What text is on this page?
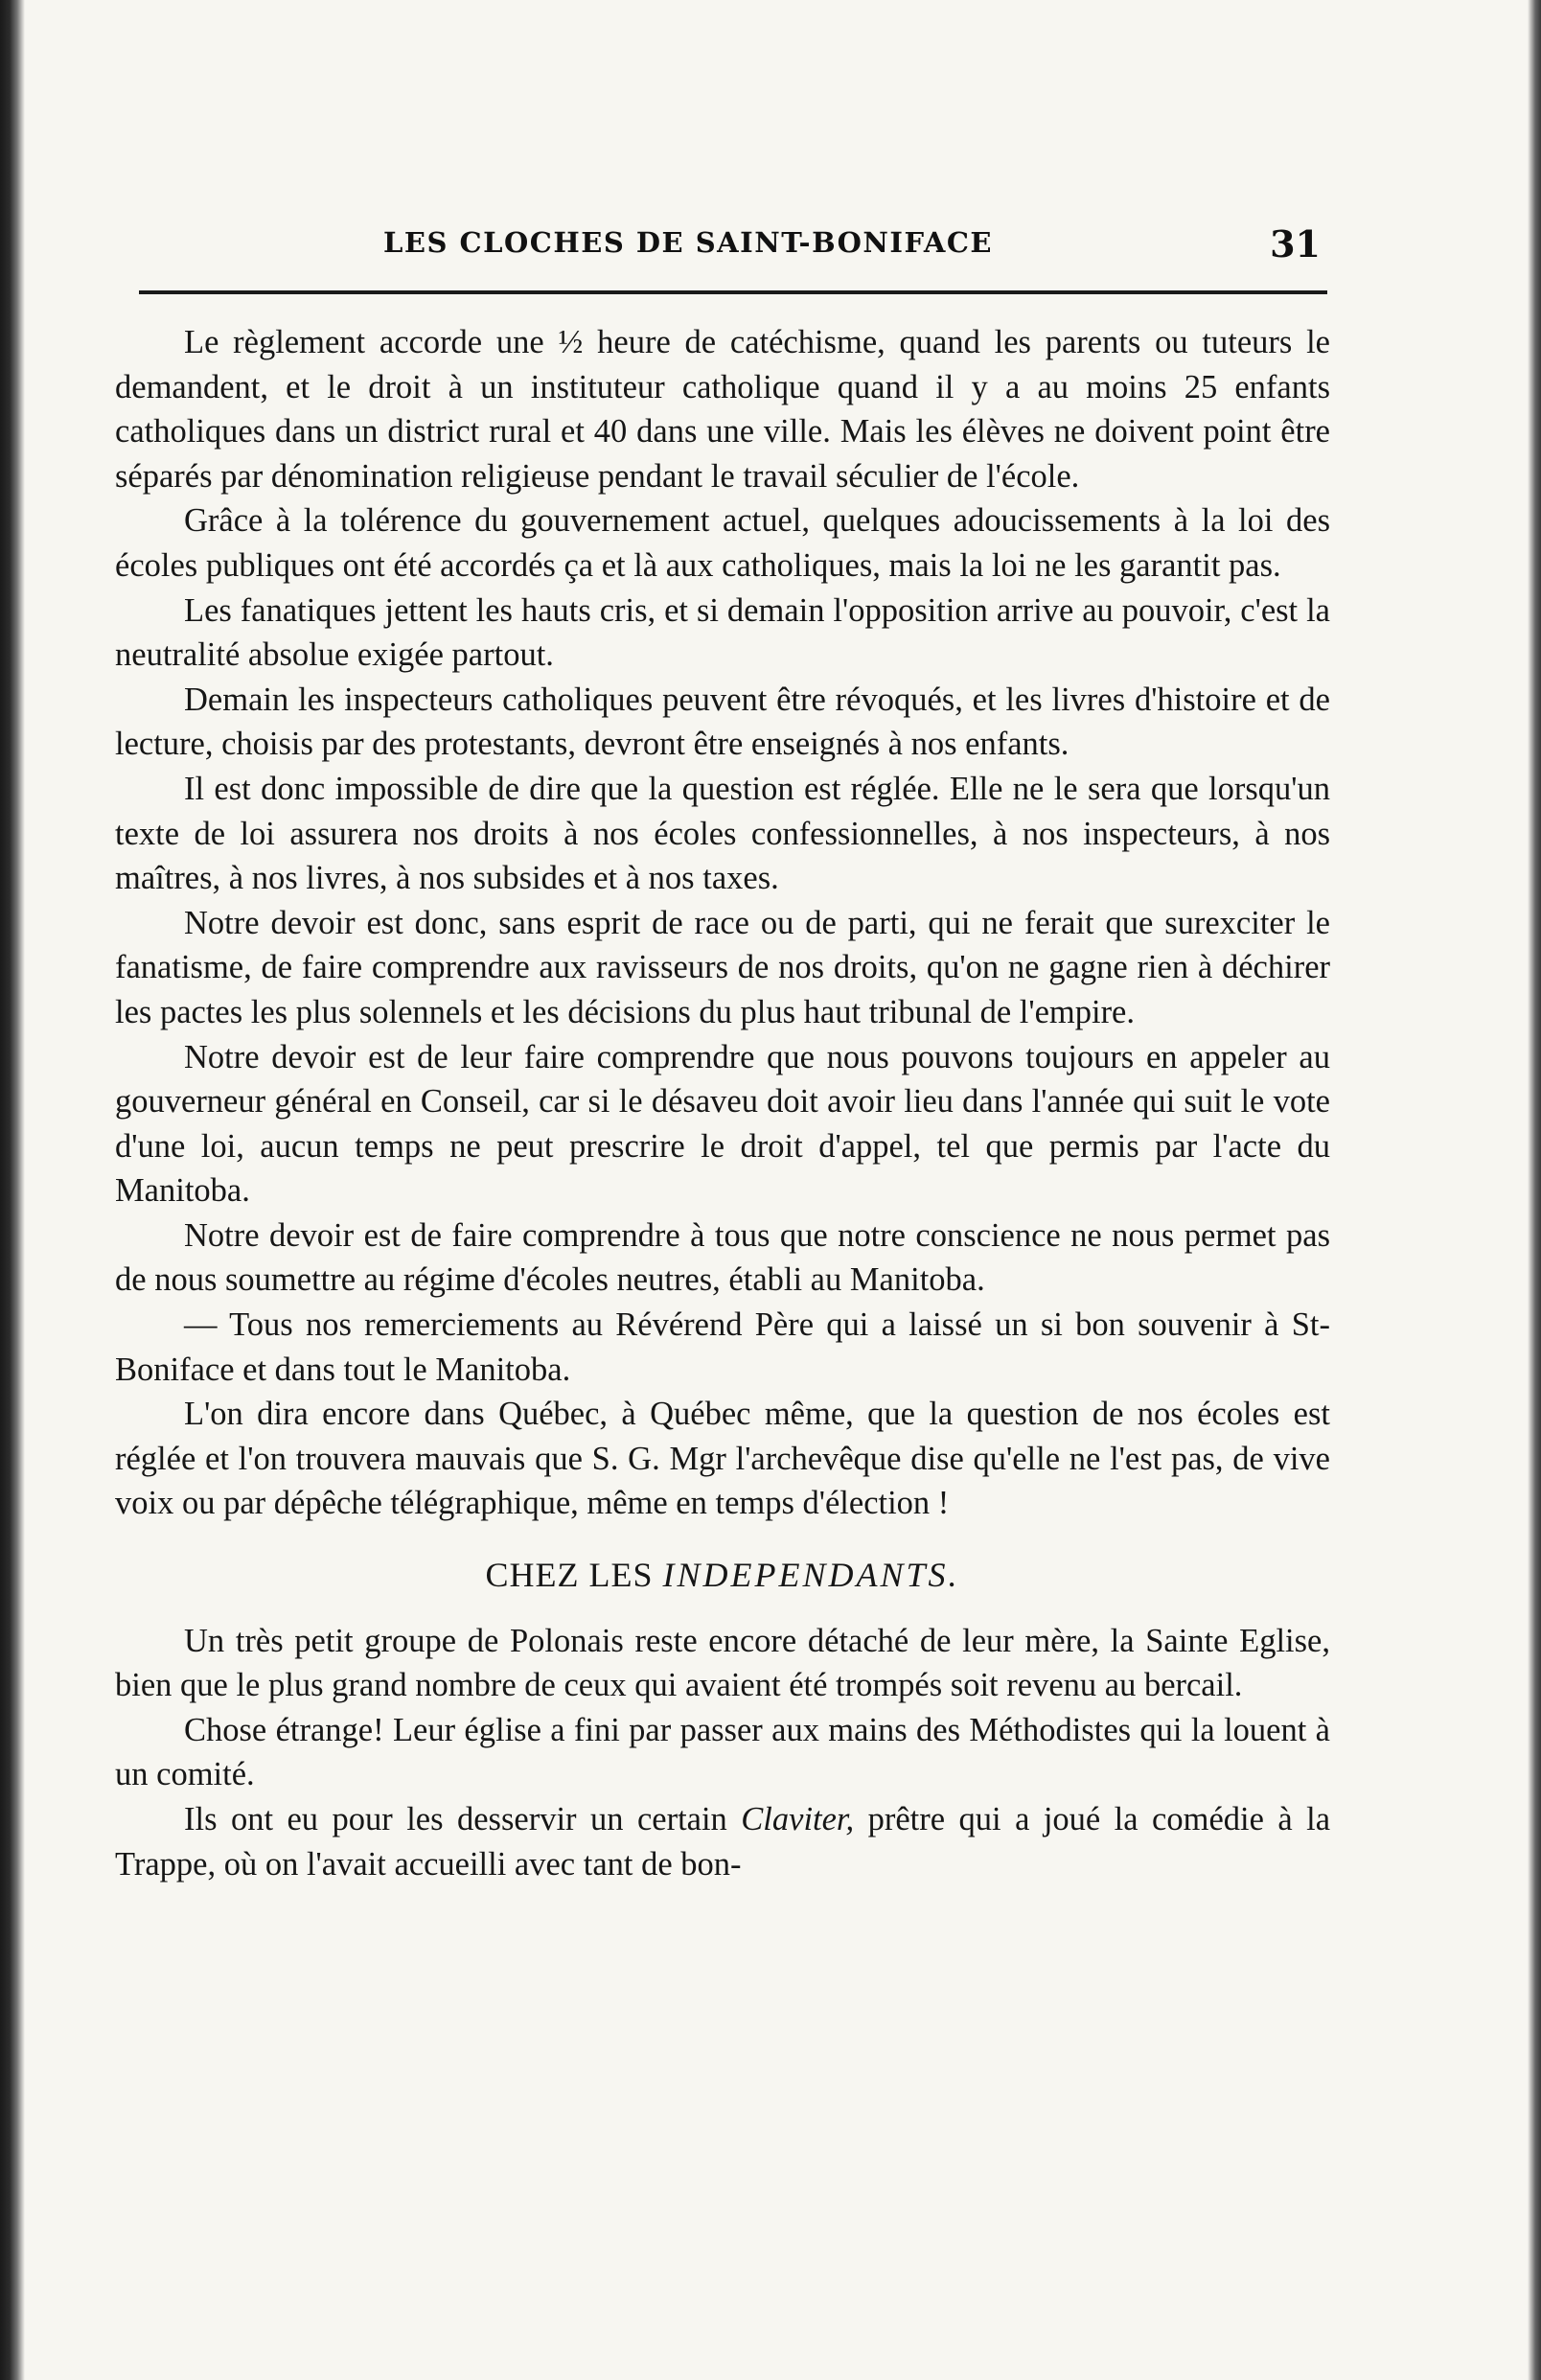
LES CLOCHES DE SAINT-BONIFACE	31

Le règlement accorde une ½ heure de catéchisme, quand les parents ou tuteurs le demandent, et le droit à un instituteur catholique quand il y a au moins 25 enfants catholiques dans un district rural et 40 dans une ville. Mais les élèves ne doivent point être séparés par dénomination religieuse pendant le travail séculier de l'école.

Grâce à la tolérence du gouvernement actuel, quelques adoucissements à la loi des écoles publiques ont été accordés ça et là aux catholiques, mais la loi ne les garantit pas.

Les fanatiques jettent les hauts cris, et si demain l'opposition arrive au pouvoir, c'est la neutralité absolue exigée partout.

Demain les inspecteurs catholiques peuvent être révoqués, et les livres d'histoire et de lecture, choisis par des protestants, devront être enseignés à nos enfants.

Il est donc impossible de dire que la question est réglée. Elle ne le sera que lorsqu'un texte de loi assurera nos droits à nos écoles confessionnelles, à nos inspecteurs, à nos maîtres, à nos livres, à nos subsides et à nos taxes.

Notre devoir est donc, sans esprit de race ou de parti, qui ne ferait que surexciter le fanatisme, de faire comprendre aux ravisseurs de nos droits, qu'on ne gagne rien à déchirer les pactes les plus solennels et les décisions du plus haut tribunal de l'empire.

Notre devoir est de leur faire comprendre que nous pouvons toujours en appeler au gouverneur général en Conseil, car si le désaveu doit avoir lieu dans l'année qui suit le vote d'une loi, aucun temps ne peut prescrire le droit d'appel, tel que permis par l'acte du Manitoba.

Notre devoir est de faire comprendre à tous que notre conscience ne nous permet pas de nous soumettre au régime d'écoles neutres, établi au Manitoba.

— Tous nos remerciements au Révérend Père qui a laissé un si bon souvenir à St-Boniface et dans tout le Manitoba.

L'on dira encore dans Québec, à Québec même, que la question de nos écoles est réglée et l'on trouvera mauvais que S. G. Mgr l'archevêque dise qu'elle ne l'est pas, de vive voix ou par dépêche télégraphique, même en temps d'élection !

CHEZ LES INDEPENDANTS.

Un très petit groupe de Polonais reste encore détaché de leur mère, la Sainte Eglise, bien que le plus grand nombre de ceux qui avaient été trompés soit revenu au bercail.

Chose étrange! Leur église a fini par passer aux mains des Méthodistes qui la louent à un comité.

Ils ont eu pour les desservir un certain Claviter, prêtre qui a joué la comédie à la Trappe, où on l'avait accueilli avec tant de bon-
